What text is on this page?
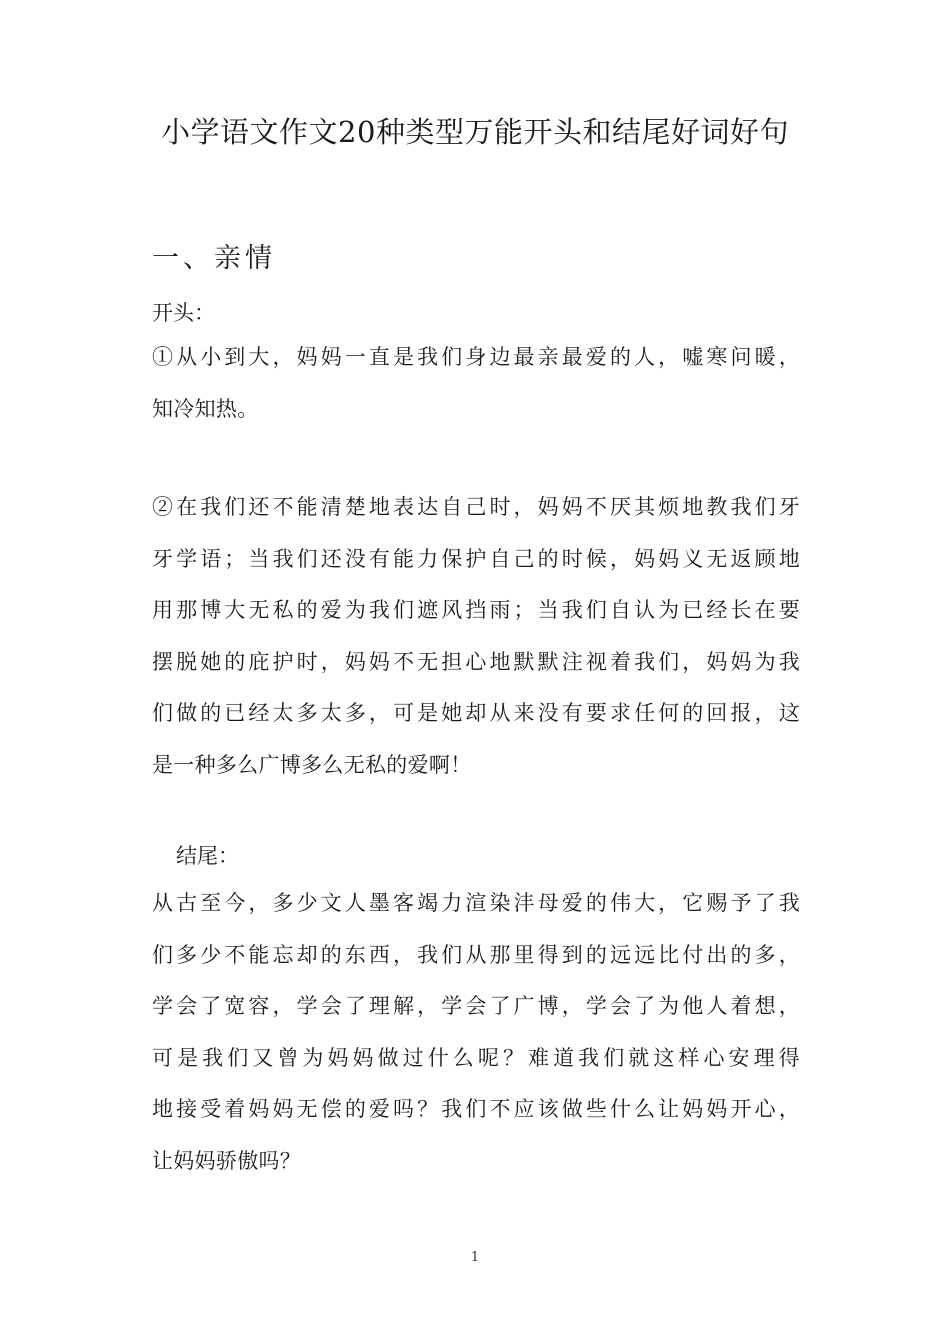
小学语文作文20种类型万能开头和结尾好词好句
一、亲情
开头：
①从小到大，妈妈一直是我们身边最亲最爱的人，嘘寒问暖，
知冷知热。
②在我们还不能清楚地表达自己时，妈妈不厌其烦地教我们牙
牙学语；当我们还没有能力保护自己的时候，妈妈义无返顾地
用那博大无私的爱为我们遮风挡雨；当我们自认为已经长在要
摆脱她的庇护时，妈妈不无担心地默默注视着我们，妈妈为我
们做的已经太多太多，可是她却从来没有要求任何的回报，这
是一种多么广博多么无私的爱啊！
结尾：
从古至今，多少文人墨客竭力渲染沣母爱的伟大，它赐予了我
们多少不能忘却的东西，我们从那里得到的远远比付出的多，
学会了宽容，学会了理解，学会了广博，学会了为他人着想，
可是我们又曾为妈妈做过什么呢？难道我们就这样心安理得
地接受着妈妈无偿的爱吗？我们不应该做些什么让妈妈开心，
让妈妈骄傲吗？
1
